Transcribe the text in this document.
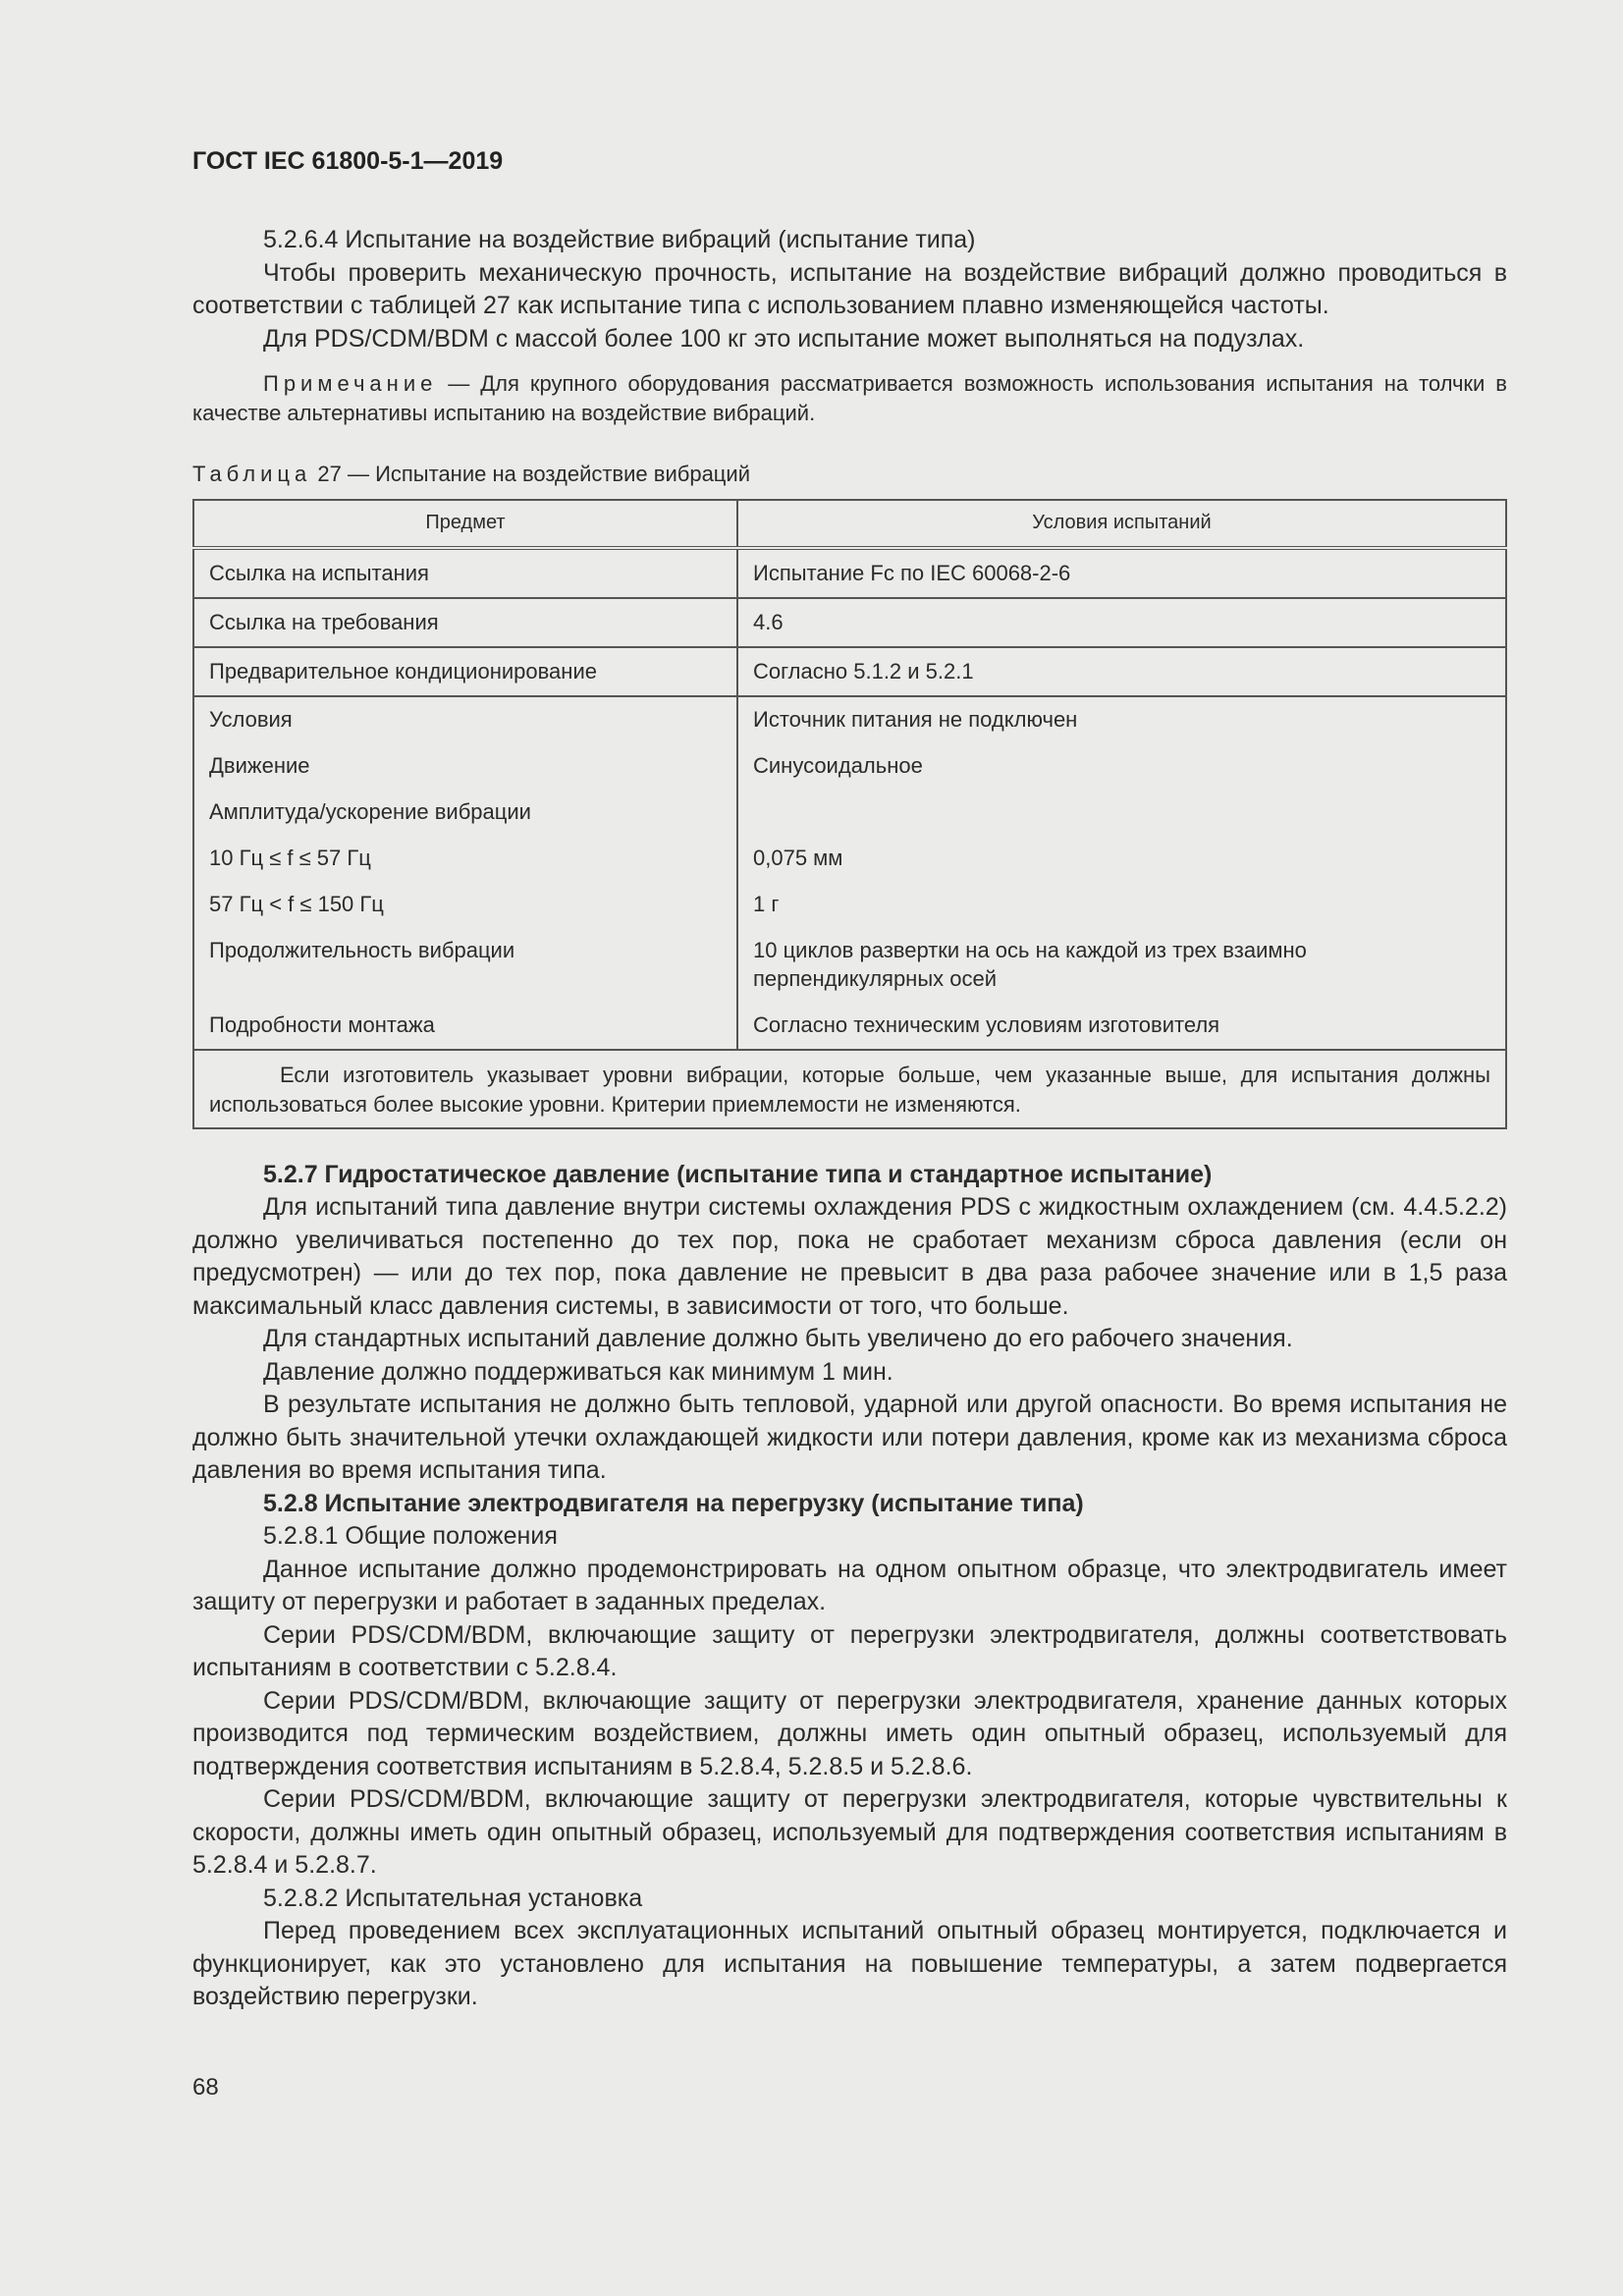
ГОСТ IEC 61800-5-1—2019

5.2.6.4 Испытание на воздействие вибраций (испытание типа)

Чтобы проверить механическую прочность, испытание на воздействие вибраций должно проводиться в соответствии с таблицей 27 как испытание типа с использованием плавно изменяющейся частоты.

Для PDS/CDM/BDM с массой более 100 кг это испытание может выполняться на подузлах.

Примечание — Для крупного оборудования рассматривается возможность использования испытания на толчки в качестве альтернативы испытанию на воздействие вибраций.

Таблица 27 — Испытание на воздействие вибраций

Предмет	Условия испытаний
Ссылка на испытания	Испытание Fc по IEC 60068-2-6
Ссылка на требования	4.6
Предварительное кондиционирование	Согласно 5.1.2 и 5.2.1
Условия	Источник питания не подключен
Движение	Синусоидальное
Амплитуда/ускорение вибрации	
10 Гц ≤ f ≤ 57 Гц	0,075 мм
57 Гц < f ≤ 150 Гц	1 г
Продолжительность вибрации	10 циклов развертки на ось на каждой из трех взаимно перпендикулярных осей
Подробности монтажа	Согласно техническим условиям изготовителя
Если изготовитель указывает уровни вибрации, которые больше, чем указанные выше, для испытания должны использоваться более высокие уровни. Критерии приемлемости не изменяются.	

5.2.7 Гидростатическое давление (испытание типа и стандартное испытание)

Для испытаний типа давление внутри системы охлаждения PDS с жидкостным охлаждением (см. 4.4.5.2.2) должно увеличиваться постепенно до тех пор, пока не сработает механизм сброса давления (если он предусмотрен) — или до тех пор, пока давление не превысит в два раза рабочее значение или в 1,5 раза максимальный класс давления системы, в зависимости от того, что больше.

Для стандартных испытаний давление должно быть увеличено до его рабочего значения.

Давление должно поддерживаться как минимум 1 мин.

В результате испытания не должно быть тепловой, ударной или другой опасности. Во время испытания не должно быть значительной утечки охлаждающей жидкости или потери давления, кроме как из механизма сброса давления во время испытания типа.

5.2.8 Испытание электродвигателя на перегрузку (испытание типа)

5.2.8.1 Общие положения

Данное испытание должно продемонстрировать на одном опытном образце, что электродвигатель имеет защиту от перегрузки и работает в заданных пределах.

Серии PDS/CDM/BDM, включающие защиту от перегрузки электродвигателя, должны соответствовать испытаниям в соответствии с 5.2.8.4.

Серии PDS/CDM/BDM, включающие защиту от перегрузки электродвигателя, хранение данных которых производится под термическим воздействием, должны иметь один опытный образец, используемый для подтверждения соответствия испытаниям в 5.2.8.4, 5.2.8.5 и 5.2.8.6.

Серии PDS/CDM/BDM, включающие защиту от перегрузки электродвигателя, которые чувствительны к скорости, должны иметь один опытный образец, используемый для подтверждения соответствия испытаниям в 5.2.8.4 и 5.2.8.7.

5.2.8.2 Испытательная установка

Перед проведением всех эксплуатационных испытаний опытный образец монтируется, подключается и функционирует, как это установлено для испытания на повышение температуры, а затем подвергается воздействию перегрузки.

68
